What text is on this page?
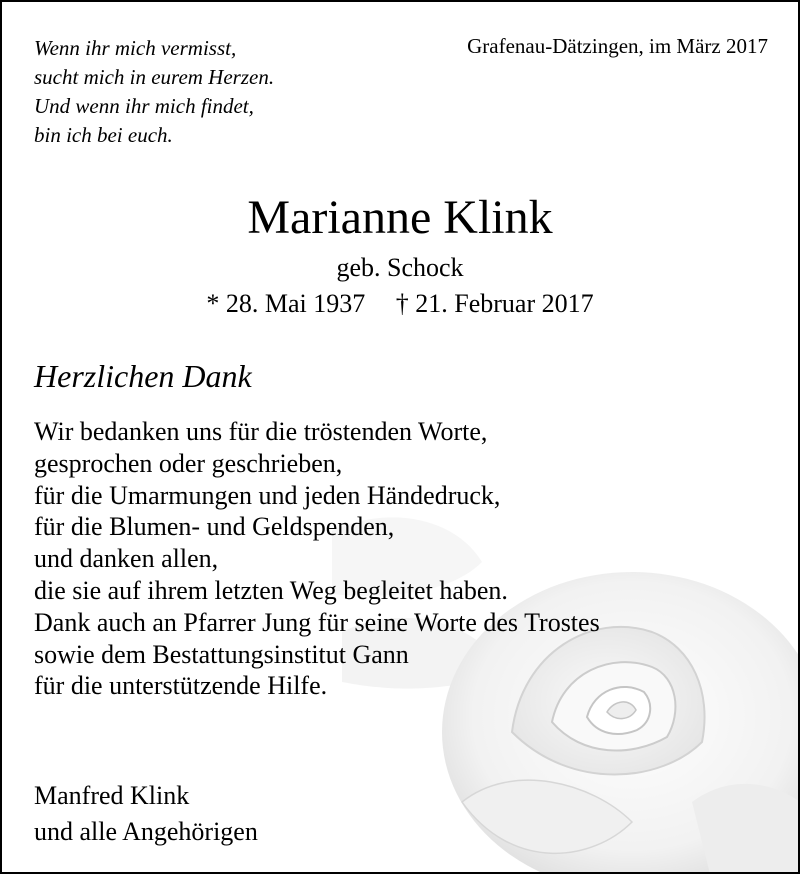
Wenn ihr mich vermisst,
sucht mich in eurem Herzen.
Und wenn ihr mich findet,
bin ich bei euch.
Grafenau-Dätzingen, im März 2017
Marianne Klink
geb. Schock
* 28. Mai 1937 † 21. Februar 2017
Herzlichen Dank
Wir bedanken uns für die tröstenden Worte,
gesprochen oder geschrieben,
für die Umarmungen und jeden Händedruck,
für die Blumen- und Geldspenden,
und danken allen,
die sie auf ihrem letzten Weg begleitet haben.
Dank auch an Pfarrer Jung für seine Worte des Trostes
sowie dem Bestattungsinstitut Gann
für die unterstützende Hilfe.
Manfred Klink
und alle Angehörigen
